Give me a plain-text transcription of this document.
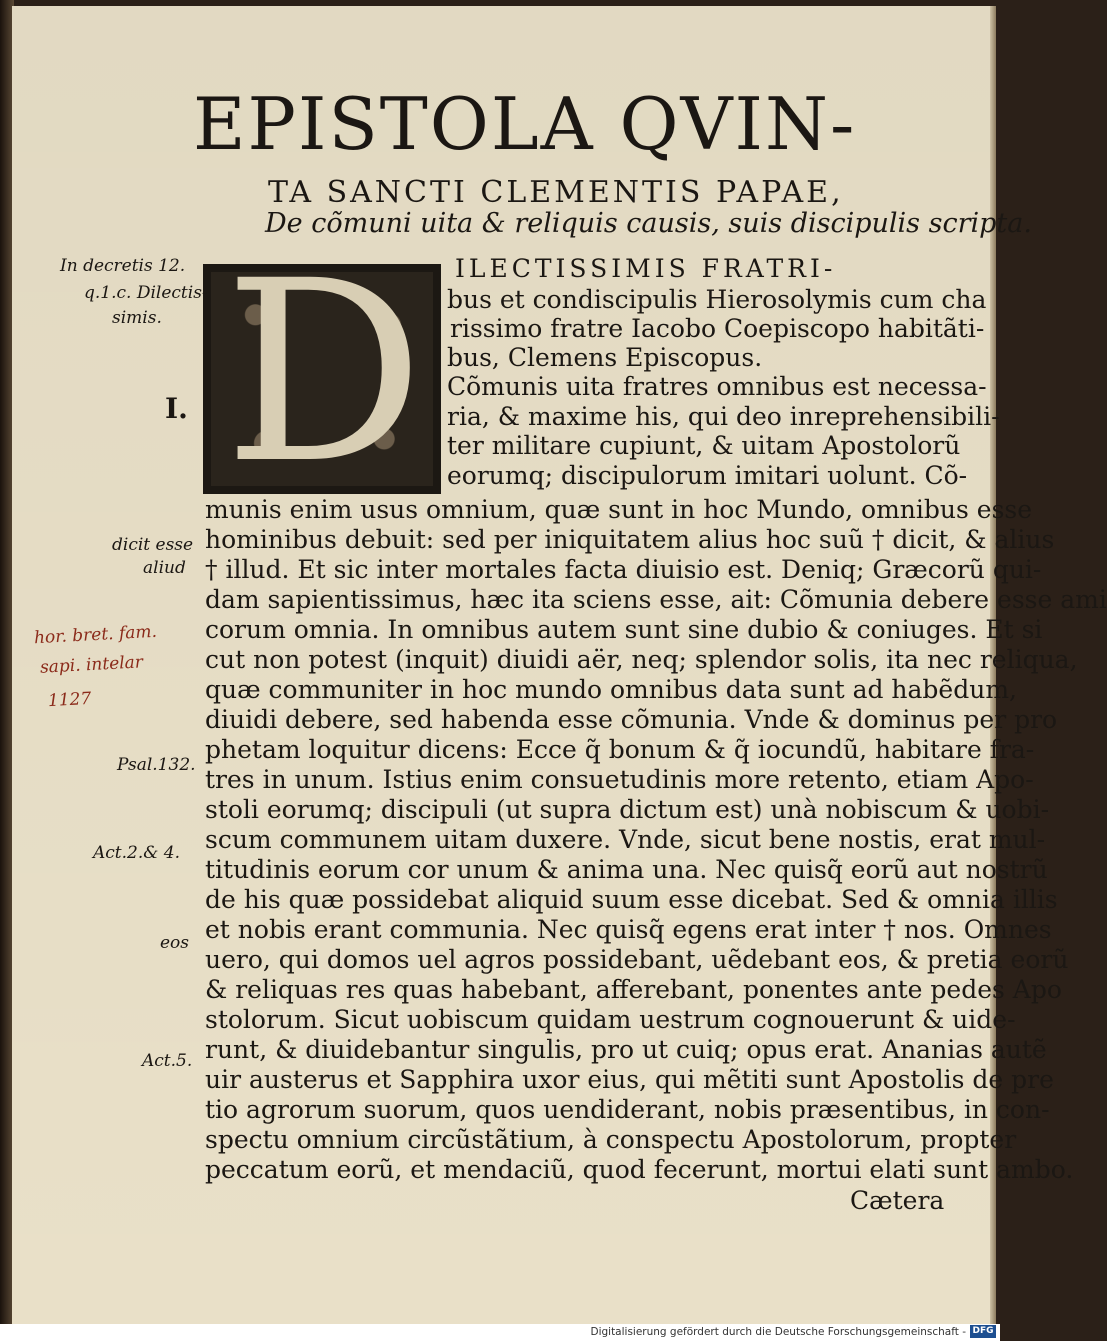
EPISTOLA QVIN-
TA SANCTI CLEMENTIS PAPAE,
De cõmuni uita & reliquis causis, suis discipulis scripta.
D	ILECTISSIMIS FRATRI-
bus et condiscipulis Hierosolymis cum cha
rissimo fratre Iacobo Coepiscopo habitãti-
bus, Clemens Episcopus.
Cõmunis uita fratres omnibus est necessa-
ria, & maxime his, qui deo inreprehensibili-
ter militare cupiunt, & uitam Apostolorũ
eorumq; discipulorum imitari uolunt. Cõ-
munis enim usus omnium, quæ sunt in hoc Mundo, omnibus esse
hominibus debuit: sed per iniquitatem alius hoc suũ † dicit, & alius
† illud. Et sic inter mortales facta diuisio est. Deniq; Græcorũ qui-
dam sapientissimus, hæc ita sciens esse, ait: Cõmunia debere esse ami
corum omnia. In omnibus autem sunt sine dubio & coniuges. Et si
cut non potest (inquit) diuidi aër, neq; splendor solis, ita nec reliqua,
quæ communiter in hoc mundo omnibus data sunt ad habẽdum,
diuidi debere, sed habenda esse cõmunia. Vnde & dominus per pro
phetam loquitur dicens: Ecce q̃ bonum & q̃ iocundũ, habitare fra-
tres in unum. Istius enim consuetudinis more retento, etiam Apo-
stoli eorumq; discipuli (ut supra dictum est) unà nobiscum & uobi-
scum communem uitam duxere. Vnde, sicut bene nostis, erat mul-
titudinis eorum cor unum & anima una. Nec quisq̃ eorũ aut nostrũ
de his quæ possidebat aliquid suum esse dicebat. Sed & omnia illis
et nobis erant communia. Nec quisq̃ egens erat inter † nos. Omnes
uero, qui domos uel agros possidebant, uẽdebant eos, & pretia eorũ
& reliquas res quas habebant, afferebant, ponentes ante pedes Apo
stolorum. Sicut uobiscum quidam uestrum cognouerunt & uide-
runt, & diuidebantur singulis, pro ut cuiq; opus erat. Ananias autẽ
uir austerus et Sapphira uxor eius, qui mẽtiti sunt Apostolis de pre
tio agrorum suorum, quos uendiderant, nobis præsentibus, in con-
spectu omnium circũstãtium, à conspectu Apostolorum, propter
peccatum eorũ, et mendaciũ, quod fecerunt, mortui elati sunt ambo.
Cætera
In decretis 12.
q.1.c. Dilectis-
simis.
I.
dicit esse
aliud
Psal.132.
Act.2.& 4.
eos
Act.5.
hor. bret. fam.
sapi. intelar
1127
Digitalisierung gefördert durch die Deutsche Forschungsgemeinschaft - DFG
